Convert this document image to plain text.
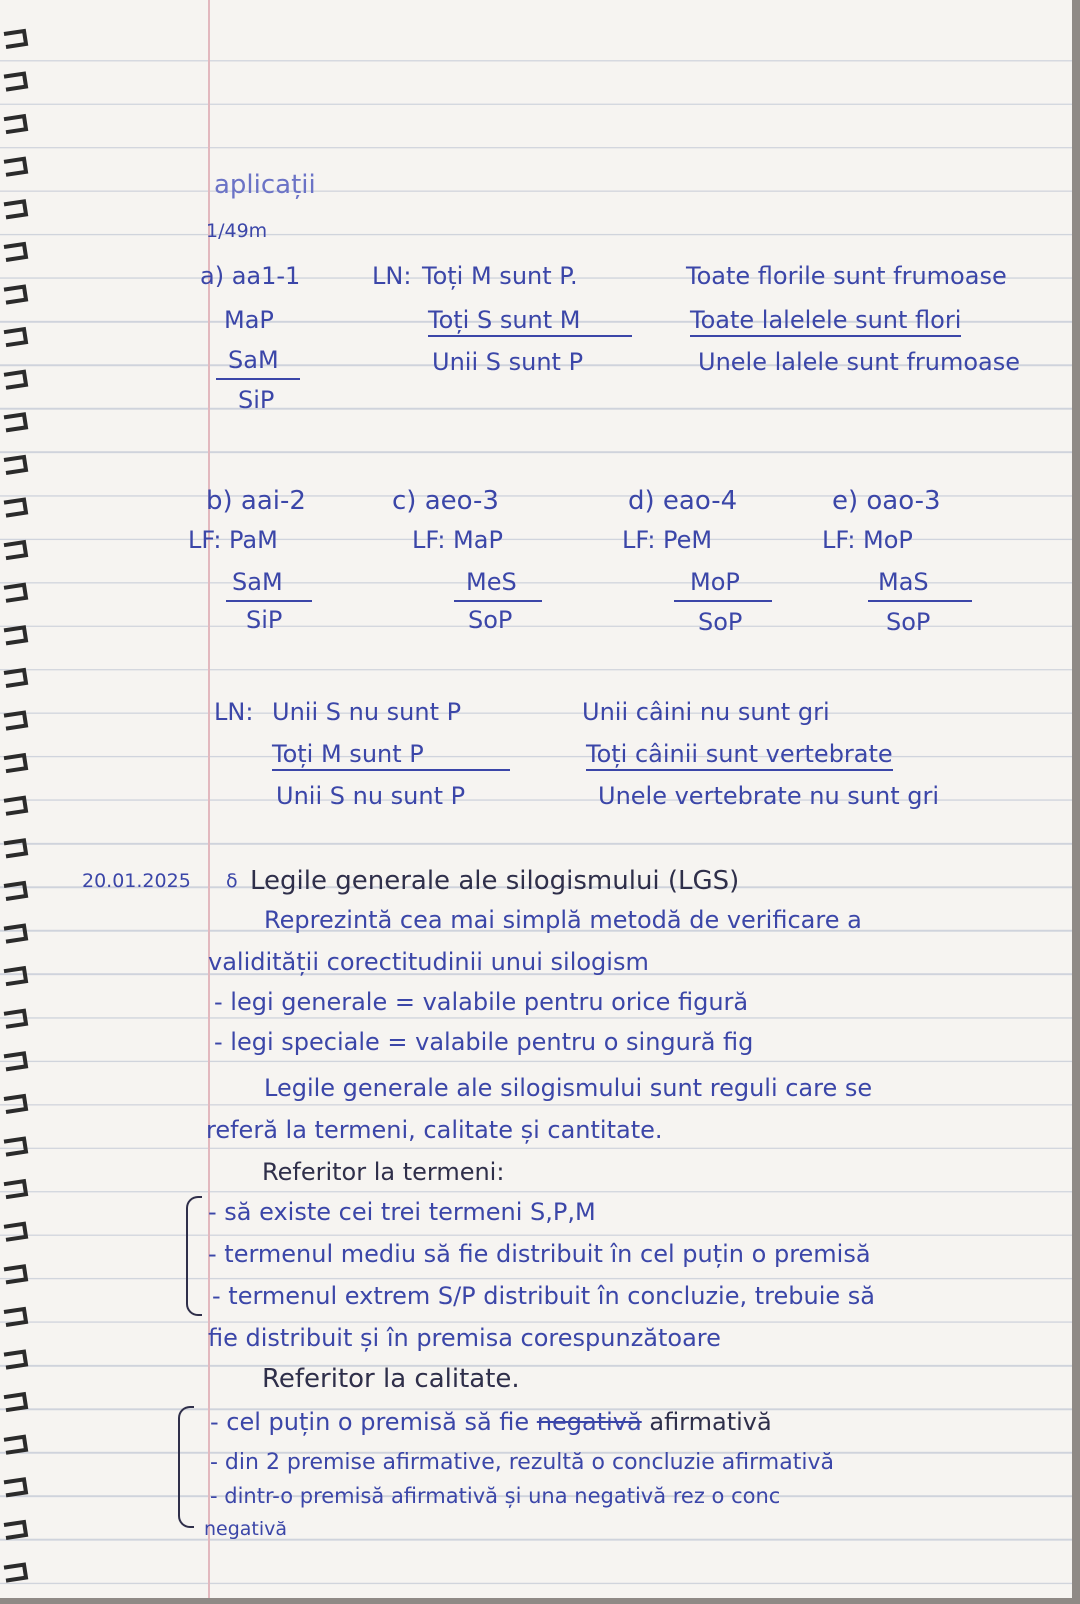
aplicații
1/49m
a) aa1-1
MaP
SaM
SiP
LN: Toți M sunt P.
Toți S sunt M
Unii S sunt P
Toate florile sunt frumoase
Toate lalelele sunt flori
Unele lalele sunt frumoase
b) aai-2
LF: PaM
SaM
SiP
c) aeo-3
LF: MaP
MeS
SoP
d) eao-4
LF: PeM
MoP
SoP
e) oao-3
LF: MoP
MaS
SoP
LN: Unii S nu sunt P
Toți M sunt P
Unii S nu sunt P
Unii câini nu sunt gri
Toți câinii sunt vertebrate
Unele vertebrate nu sunt gri
20.01.2025 δ Legile generale ale silogismului (LGS)
Reprezintă cea mai simplă metodă de verificare a
validității corectitudinii unui silogism
- legi generale = valabile pentru orice figură
- legi speciale = valabile pentru o singură fig
Legile generale ale silogismului sunt reguli care se
referă la termeni, calitate și cantitate.
Referitor la termeni:
- să existe cei trei termeni S,P,M
- termenul mediu să fie distribuit în cel puțin o premisă
- termenul extrem S/P distribuit în concluzie, trebuie să
fie distribuit și în premisa corespunzătoare
Referitor la calitate.
- cel puțin o premisă să fie negativă afirmativă
- din 2 premise afirmative, rezultă o concluzie afirmativă
- dintr-o premisă afirmativă și una negativă rez o conc
negativă
